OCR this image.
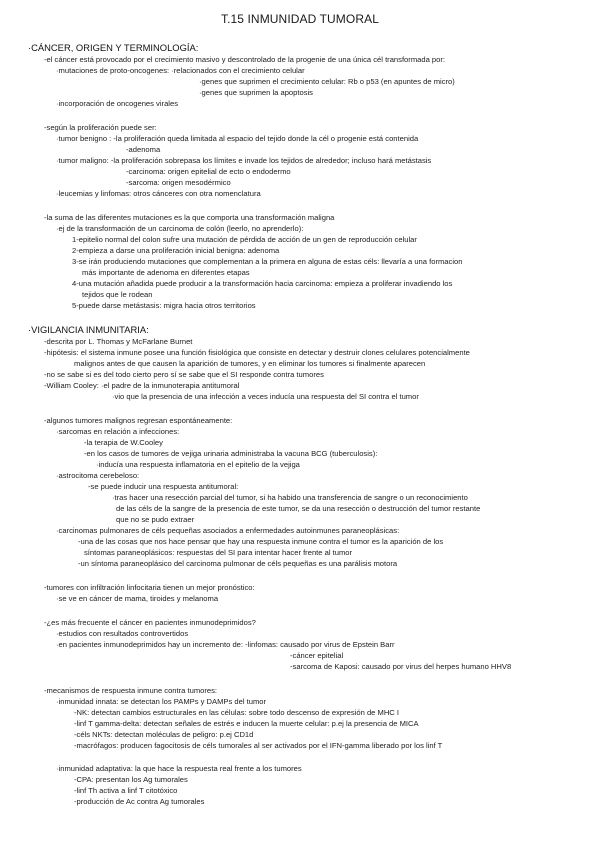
T.15 INMUNIDAD TUMORAL
·CÁNCER, ORIGEN Y TERMINOLOGÍA:
-el cáncer está provocado por el crecimiento masivo y descontrolado de la progenie de una única cél transformada por:
·mutaciones de proto-oncogenes: ·relacionados con el crecimiento celular
·genes que suprimen el crecimiento celular: Rb o p53 (en apuntes de micro)
·genes que suprimen la apoptosis
·incorporación de oncogenes virales
-según la proliferación puede ser:
·tumor benigno : -la proliferación queda limitada al espacio del tejido donde la cél o progenie está contenida
-adenoma
·tumor maligno: -la proliferación sobrepasa los límites e invade los tejidos de alrededor; incluso hará metástasis
-carcinoma: origen epitelial de ecto o endodermo
-sarcoma: origen mesodérmico
·leucemias y linfomas: otros cánceres con otra nomenclatura
-la suma de las diferentes mutaciones es la que comporta una transformación maligna
·ej de la transformación de un carcinoma de colón (leerlo, no aprenderlo):
1-epitelio normal del colon sufre una mutación de pérdida de acción de un gen de reproducción celular
2-empieza a darse una proliferación inicial benigna: adenoma
3-se irán produciendo mutaciones que complementan a la primera en alguna de estas céls: llevaría a una formacion
más importante de adenoma en diferentes etapas
4-una mutación añadida puede producir a la transformación hacia carcinoma: empieza a proliferar invadiendo los
tejidos que le rodean
5-puede darse metástasis: migra hacia otros territorios
·VIGILANCIA INMUNITARIA:
-descrita por L. Thomas y McFarlane Burnet
-hipótesis: el sistema inmune posee una función fisiológica que consiste en detectar y destruir clones celulares potencialmente
malignos antes de que causen la aparición de tumores, y en eliminar los tumores si finalmente aparecen
-no se sabe si es del todo cierto pero sí se sabe que el SI responde contra tumores
-William Cooley: ·el padre de la inmunoterapia antitumoral
·vio que la presencia de una infección a veces inducía una respuesta del SI contra el tumor
-algunos tumores malignos regresan espontáneamente:
·sarcomas en relación a infecciones:
-la terapia de W.Cooley
-en los casos de tumores de vejiga urinaria administraba la vacuna BCG (tuberculosis):
·inducía una respuesta inflamatoria en el epitelio de la vejiga
·astrocitoma cerebeloso:
-se puede inducir una respuesta antitumoral:
·tras hacer una resección parcial del tumor, si ha habido una transferencia de sangre o un reconocimiento
de las céls de la sangre de la presencia de este tumor, se da una resección o destrucción del tumor restante
que no se pudo extraer
·carcinomas pulmonares de céls pequeñas asociados a enfermedades autoinmunes paraneoplásicas:
-una de las cosas que nos hace pensar que hay una respuesta inmune contra el tumor es la aparición de los
síntomas paraneoplásicos: respuestas del SI para intentar hacer frente al tumor
-un síntoma paraneoplásico del carcinoma pulmonar de céls pequeñas es una parálisis motora
-tumores con infiltración linfocitaria tienen un mejor pronóstico:
·se ve en cáncer de mama, tiroides y melanoma
-¿es más frecuente el cáncer en pacientes inmunodeprimidos?
·estudios con resultados controvertidos
·en pacientes inmunodeprimidos hay un incremento de: -linfomas: causado por virus de Epstein Barr
-cáncer epitelial
-sarcoma de Kaposi: causado por virus del herpes humano HHV8
-mecanismos de respuesta inmune contra tumores:
·inmunidad innata: se detectan los PAMPs y DAMPs del tumor
-NK: detectan cambios estructurales en las células: sobre todo descenso de expresión de MHC I
-linf T gamma-delta: detectan señales de estrés e inducen la muerte celular: p.ej la presencia de MICA
-céls NKTs: detectan moléculas de peligro: p.ej CD1d
-macrófagos: producen fagocitosis de céls tumorales al ser activados por el IFN-gamma liberado por los linf T
·inmunidad adaptativa: la que hace la respuesta real frente a los tumores
-CPA: presentan los Ag tumorales
-linf Th activa a linf T citotóxico
-producción de Ac contra Ag tumorales
